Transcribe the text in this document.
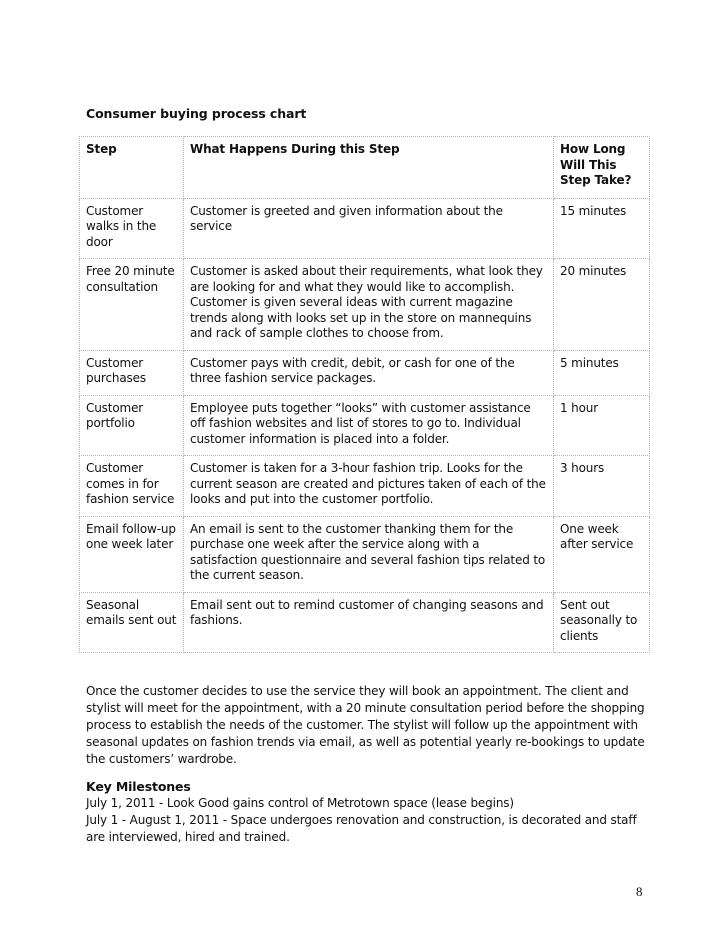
Consumer buying process chart
Step	What Happens During this Step	How Long Will This Step Take?
Customer walks in the door	Customer is greeted and given information about the service	15 minutes
Free 20 minute consultation	Customer is asked about their requirements, what look they are looking for and what they would like to accomplish. Customer is given several ideas with current magazine trends along with looks set up in the store on mannequins and rack of sample clothes to choose from.	20 minutes
Customer purchases	Customer pays with credit, debit, or cash for one of the three fashion service packages.	5 minutes
Customer portfolio	Employee puts together “looks” with customer assistance off fashion websites and list of stores to go to. Individual customer information is placed into a folder.	1 hour
Customer comes in for fashion service	Customer is taken for a 3-hour fashion trip. Looks for the current season are created and pictures taken of each of the looks and put into the customer portfolio.	3 hours
Email follow-up one week later	An email is sent to the customer thanking them for the purchase one week after the service along with a satisfaction questionnaire and several fashion tips related to the current season.	One week after service
Seasonal emails sent out	Email sent out to remind customer of changing seasons and fashions.	Sent out seasonally to clients

Once the customer decides to use the service they will book an appointment. The client and stylist will meet for the appointment, with a 20 minute consultation period before the shopping process to establish the needs of the customer. The stylist will follow up the appointment with seasonal updates on fashion trends via email, as well as potential yearly re-bookings to update the customers’ wardrobe.

Key Milestones

July 1, 2011 - Look Good gains control of Metrotown space (lease begins)

July 1 - August 1, 2011 - Space undergoes renovation and construction, is decorated and staff are interviewed, hired and trained.

8
